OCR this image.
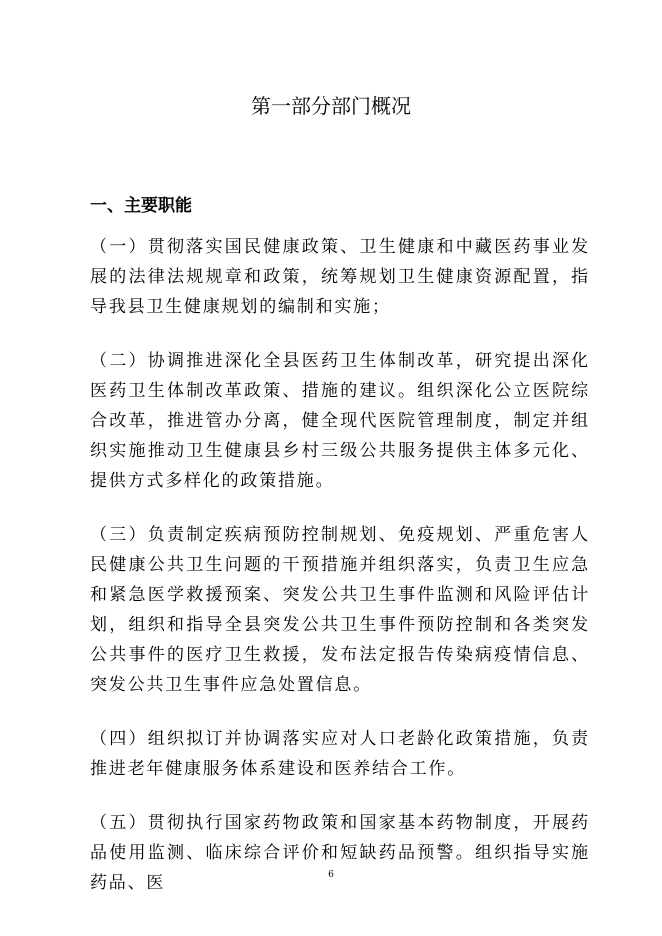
第一部分部门概况
一、主要职能

（一）贯彻落实国民健康政策、卫生健康和中藏医药事业发展的法律法规规章和政策，统筹规划卫生健康资源配置，指导我县卫生健康规划的编制和实施；

（二）协调推进深化全县医药卫生体制改革，研究提出深化医药卫生体制改革政策、措施的建议。组织深化公立医院综合改革，推进管办分离，健全现代医院管理制度，制定并组织实施推动卫生健康县乡村三级公共服务提供主体多元化、提供方式多样化的政策措施。

（三）负责制定疾病预防控制规划、免疫规划、严重危害人民健康公共卫生问题的干预措施并组织落实，负责卫生应急和紧急医学救援预案、突发公共卫生事件监测和风险评估计划，组织和指导全县突发公共卫生事件预防控制和各类突发公共事件的医疗卫生救援，发布法定报告传染病疫情信息、突发公共卫生事件应急处置信息。

（四）组织拟订并协调落实应对人口老龄化政策措施，负责推进老年健康服务体系建设和医养结合工作。

（五）贯彻执行国家药物政策和国家基本药物制度，开展药品使用监测、临床综合评价和短缺药品预警。组织指导实施药品、医	6
